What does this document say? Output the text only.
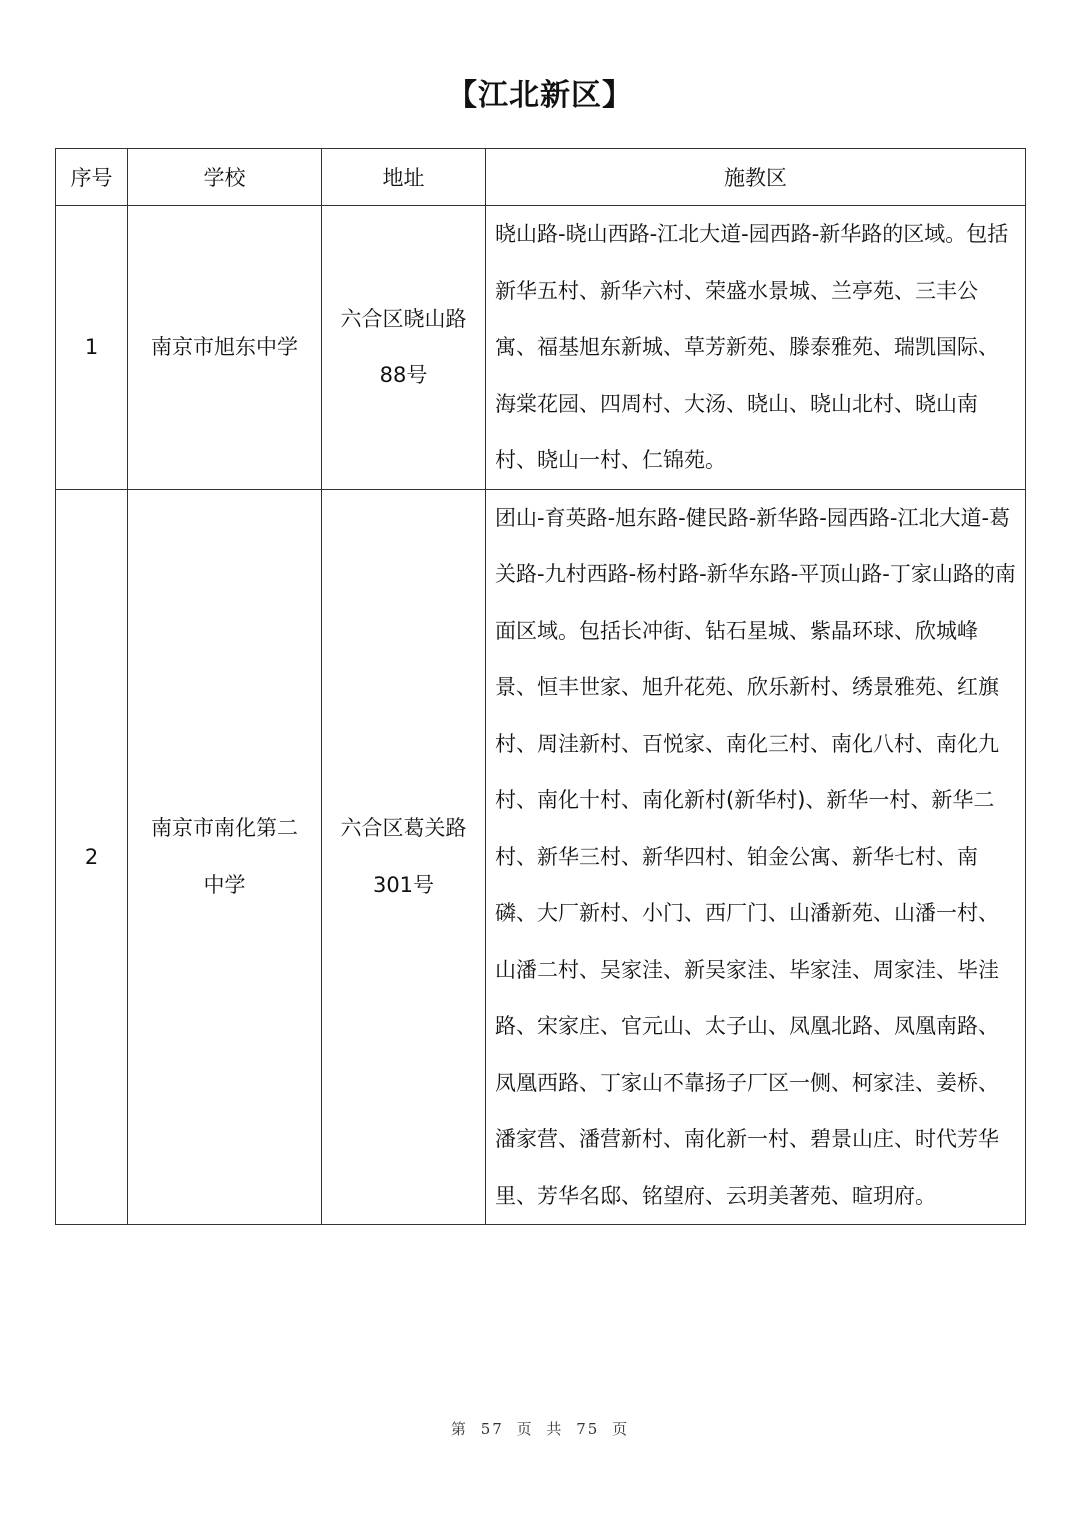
【江北新区】
序号	学校	地址	施教区
1	南京市旭东中学	六合区晓山路88号	晓山路-晓山西路-江北大道-园西路-新华路的区域。包括新华五村、新华六村、荣盛水景城、兰亭苑、三丰公寓、福基旭东新城、草芳新苑、滕泰雅苑、瑞凯国际、海棠花园、四周村、大汤、晓山、晓山北村、晓山南村、晓山一村、仁锦苑。
2	南京市南化第二中学	六合区葛关路301号	团山-育英路-旭东路-健民路-新华路-园西路-江北大道-葛关路-九村西路-杨村路-新华东路-平顶山路-丁家山路的南面区域。包括长冲街、钻石星城、紫晶环球、欣城峰景、恒丰世家、旭升花苑、欣乐新村、绣景雅苑、红旗村、周洼新村、百悦家、南化三村、南化八村、南化九村、南化十村、南化新村(新华村)、新华一村、新华二村、新华三村、新华四村、铂金公寓、新华七村、南磷、大厂新村、小门、西厂门、山潘新苑、山潘一村、山潘二村、吴家洼、新吴家洼、毕家洼、周家洼、毕洼路、宋家庄、官元山、太子山、凤凰北路、凤凰南路、凤凰西路、丁家山不靠扬子厂区一侧、柯家洼、姜桥、潘家营、潘营新村、南化新一村、碧景山庄、时代芳华里、芳华名邸、铭望府、云玥美著苑、暄玥府。
第 57 页 共 75 页
